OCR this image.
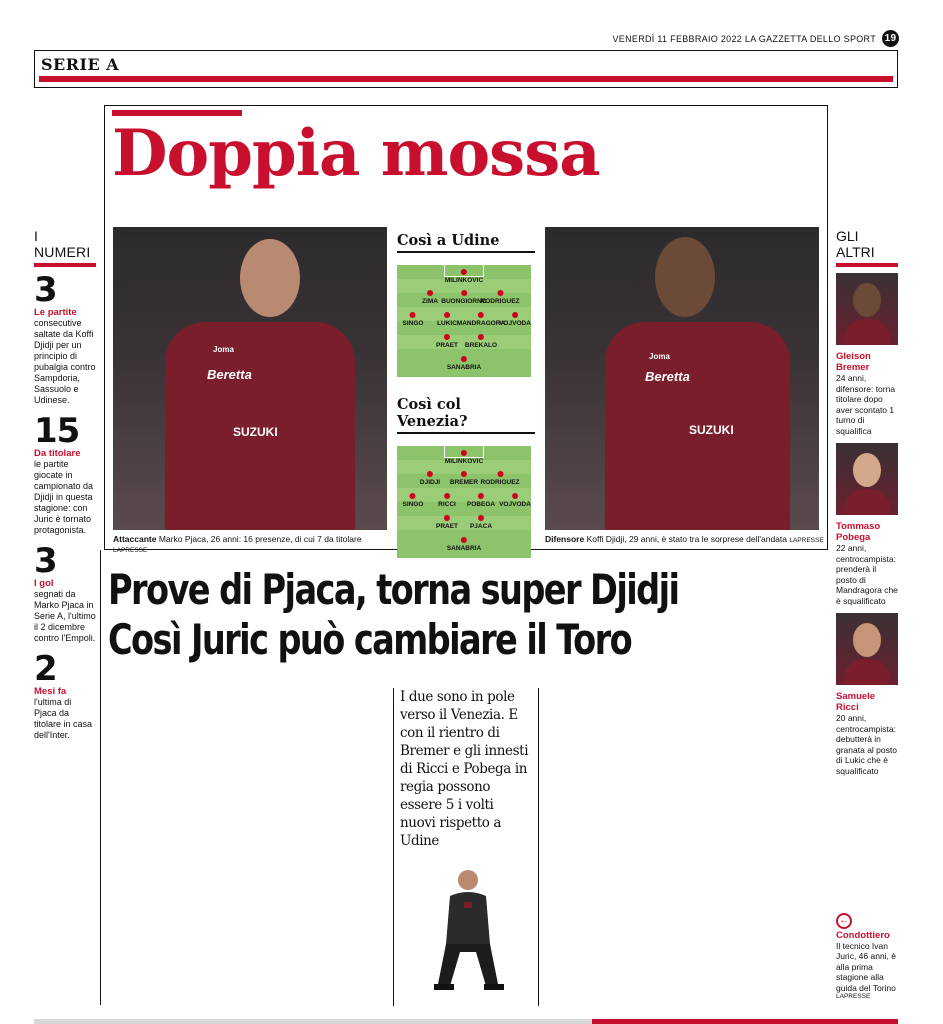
VENERDÌ 11 FEBBRAIO 2022 LA GAZZETTA DELLO SPORT 19
SERIE A
I NUMERI
3
Le partite
consecutive saltate da Koffi Djidji per un principio di pubalgia contro Sampdoria, Sassuolo e Udinese.
15
Da titolare
le partite giocate in campionato da Djidji in questa stagione: con Juric è tornato protagonista.
3
I gol
segnati da Marko Pjaca in Serie A, l'ultimo il 2 dicembre contro l'Empoli.
2
Mesi fa
l'ultima di Pjaca da titolare in casa dell'Inter.
Doppia mossa
Joma
Beretta
SUZUKI
Attaccante Marko Pjaca, 26 anni: 16 presenze, di cui 7 da titolare LAPRESSE
Così a Udine
MILINKOVIC
ZIMA BUONGIORNO
RODRIGUEZ
SINGO LUKIC MANDRAGORA
VOJVODA
PRAET BREKALO
SANABRIA
Così col Venezia?
MILINKOVIC
DJIDJI BREMER RODRIGUEZ
SINGO RICCI POBEGA VOJVODA
PRAET PJACA
SANABRIA
Joma
Beretta
SUZUKI
Difensore Koffi Djidji, 29 anni, è stato tra le sorprese dell'andata LAPRESSE
Prove di Pjaca, torna super Djidji
Così Juric può cambiare il Toro

I due sono in pole verso il Venezia. E con il rientro di Bremer e gli innesti di Ricci e Pobega in regia possono essere 5 i volti nuovi rispetto a Udine

GLI ALTRI
Gleison Bremer
24 anni, difensore: torna titolare dopo aver scontato 1 turno di squalifica
Tommaso Pobega
22 anni, centrocampista: prenderà il posto di Mandragora che è squalificato
Samuele Ricci
20 anni, centrocampista: debutterà in granata al posto di Lukic che è squalificato
←
Condottiero
Il tecnico Ivan Juric, 46 anni, è alla prima stagione alla guida del Torino
LAPRESSE
